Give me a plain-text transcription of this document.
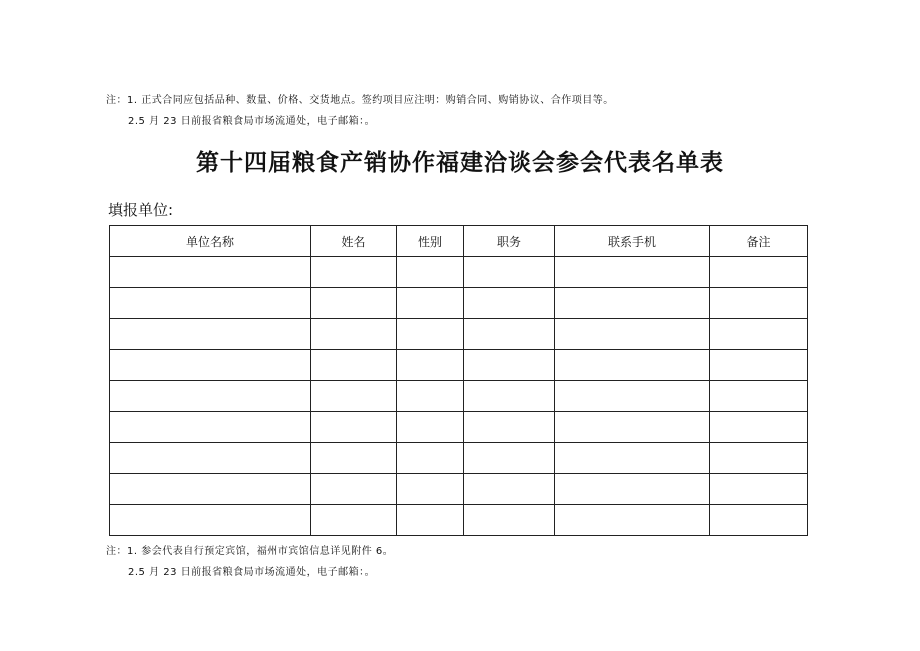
注：1. 正式合同应包括品种、数量、价格、交货地点。签约项目应注明：购销合同、购销协议、合作项目等。
2.5 月 23 日前报省粮食局市场流通处，电子邮箱：。
第十四届粮食产销协作福建洽谈会参会代表名单表
填报单位:
单位名称	姓名	性别	职务	联系手机	备注

注：1. 参会代表自行预定宾馆，福州市宾馆信息详见附件 6。
2.5 月 23 日前报省粮食局市场流通处，电子邮箱：。
